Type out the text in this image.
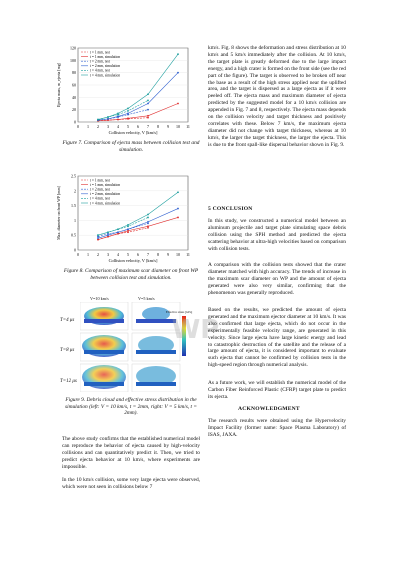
0
20
40
60
80
100
120
0 1 2 3 4 5 6 7 8 9 10 11
Collision velocity, V [km/s]
Ejecta mass, m_ejecta [mg]
t = 1 mm, test
t = 1 mm, simulation
t = 2 mm, test
t = 2 mm, simulation
t = 4 mm, test
t = 4 mm, simulation

Figure 7. Comparison of ejecta mass between collision test and simulation.

0
0.5
1
1.5
2
2.5
0 1 2 3 4 5 6 7 8 9 10 11
Collision velocity, V [km/s]
Max. diameter on front WP [mm]
t = 1 mm, test
t = 1 mm, simulation
t = 2 mm, test
t = 2 mm, simulation
t = 4 mm, test
t = 4 mm, simulation

Figure 8. Comparison of maximum scar diameter on front WP between collision test and simulation.

V=10 km/s	V=5 km/s
T=4 μs
T=8 μs
T=12 μs
Effective stress [GPa]

Figure 9. Debris cloud and effective stress distribution in the simulation (left: V = 10 km/s, t = 2mm, right: V = 5 km/s, t = 2mm).

The above study confirms that the established numerical model can reproduce the behavior of ejecta caused by high-velocity collisions and can quantitatively predict it. Then, we tried to predict ejecta behavior at 10 km/s, where experiments are impossible.

In the 10 km/s collision, some very large ejecta were observed, which were not seen in collisions below 7

WP

km/s. Fig. 8 shows the deformation and stress distribution at 10 km/s and 5 km/s immediately after the collision. At 10 km/s, the target plate is greatly deformed due to the large impact energy, and a high crater is formed on the front side (see the red part of the figure). The target is observed to be broken off near the base as a result of the high stress applied near the uplifted area, and the target is dispersed as a large ejecta as if it were peeled off. The ejecta mass and maximum diameter of ejecta predicted by the suggested model for a 10 km/s collision are appended in Fig. 7 and 8, respectively. The ejecta mass depends on the collision velocity and target thickness and positively correlates with these. Below 7 km/s, the maximum ejecta diameter did not change with target thickness, whereas at 10 km/s, the larger the target thickness, the larger the ejecta. This is due to the front spall-like dispersal behavior shown in Fig. 9.

5 CONCLUSION

In this study, we constructed a numerical model between an aluminum projectile and target plate simulating space debris collision using the SPH method and predicted the ejecta scattering behavior at ultra-high velocities based on comparison with collision tests.

A comparison with the collision tests showed that the crater diameter matched with high accuracy. The trends of increase in the maximum scar diameter on WP and the amount of ejecta generated were also very similar, confirming that the phenomenon was generally reproduced.

Based on the results, we predicted the amount of ejecta generated and the maximum ejector diameter at 10 km/s. It was also confirmed that large ejecta, which do not occur in the experimentally feasible velocity range, are generated in this velocity. Since large ejecta have large kinetic energy and lead to catastrophic destruction of the satellite and the release of a large amount of ejecta, it is considered important to evaluate such ejecta that cannot be confirmed by collision tests in the high-speed region through numerical analysis.

As a future work, we will establish the numerical model of the Carbon Fiber Reinforced Plastic (CFRP) target plate to predict its ejecta.

ACKNOWLEDGMENT

The research results were obtained using the Hypervelocity Impact Facility (former name: Space Plasma Laboratory) of ISAS, JAXA.
